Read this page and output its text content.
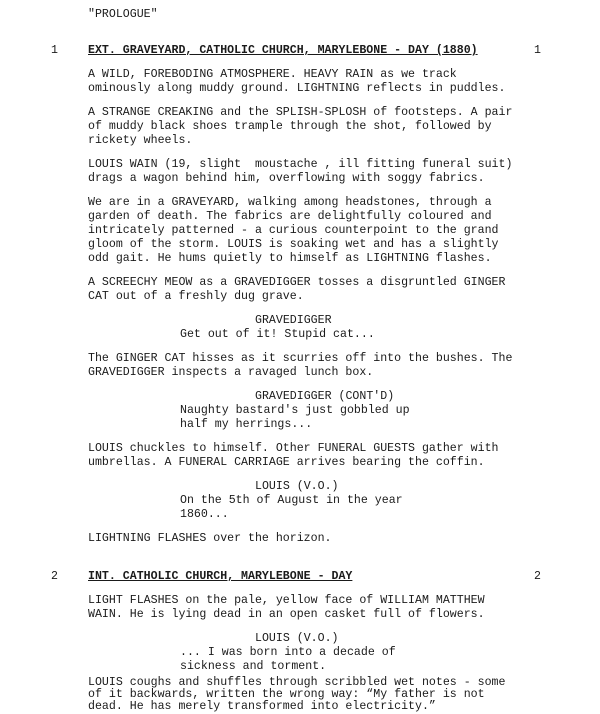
"PROLOGUE"
1	EXT. GRAVEYARD, CATHOLIC CHURCH, MARYLEBONE - DAY (1880)	1
A WILD, FOREBODING ATMOSPHERE. HEAVY RAIN as we track
ominously along muddy ground. LIGHTNING reflects in puddles.
A STRANGE CREAKING and the SPLISH-SPLOSH of footsteps. A pair
of muddy black shoes trample through the shot, followed by
rickety wheels.
LOUIS WAIN (19, slight  moustache , ill fitting funeral suit)
drags a wagon behind him, overflowing with soggy fabrics.
We are in a GRAVEYARD, walking among headstones, through a
garden of death. The fabrics are delightfully coloured and
intricately patterned - a curious counterpoint to the grand
gloom of the storm. LOUIS is soaking wet and has a slightly
odd gait. He hums quietly to himself as LIGHTNING flashes.
A SCREECHY MEOW as a GRAVEDIGGER tosses a disgruntled GINGER
CAT out of a freshly dug grave.
GRAVEDIGGER
Get out of it! Stupid cat...
The GINGER CAT hisses as it scurries off into the bushes. The
GRAVEDIGGER inspects a ravaged lunch box.
GRAVEDIGGER (CONT'D)
Naughty bastard's just gobbled up
half my herrings...
LOUIS chuckles to himself. Other FUNERAL GUESTS gather with
umbrellas. A FUNERAL CARRIAGE arrives bearing the coffin.
LOUIS (V.O.)
On the 5th of August in the year
1860...
LIGHTNING FLASHES over the horizon.
2	INT. CATHOLIC CHURCH, MARYLEBONE - DAY	2
LIGHT FLASHES on the pale, yellow face of WILLIAM MATTHEW
WAIN. He is lying dead in an open casket full of flowers.
LOUIS (V.O.)
... I was born into a decade of
sickness and torment.
LOUIS coughs and shuffles through scribbled wet notes - some
of it backwards, written the wrong way: “My father is not
dead. He has merely transformed into electricity.”
